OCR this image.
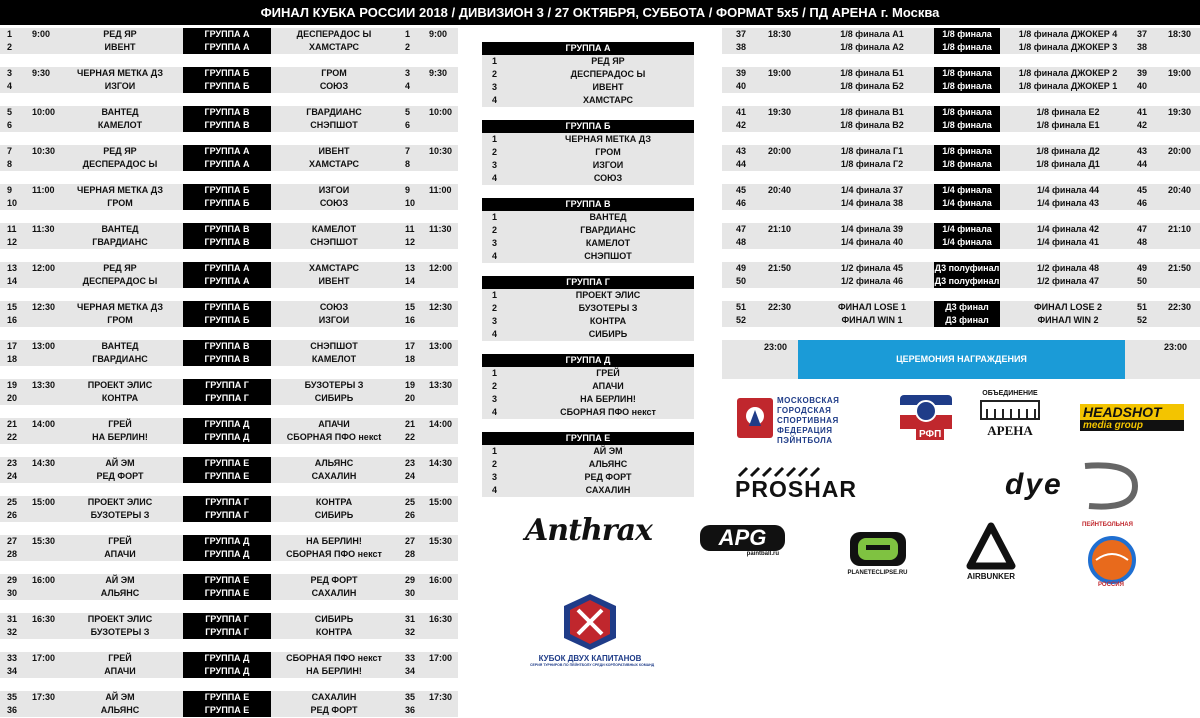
ФИНАЛ КУБКА РОССИИ 2018 / ДИВИЗИОН 3 / 27 ОКТЯБРЯ, СУББОТА / ФОРМАТ 5х5 / ПД АРЕНА г. Москва
1 9:00	РЕД ЯР	ГРУППА А	ДЕСПЕРАДОС Ы	1 9:00
2	ИВЕНТ	ГРУППА А	ХАМСТАРС	2
3 9:30	ЧЕРНАЯ МЕТКА ДЗ	ГРУППА Б	ГРОМ	3 9:30
4	ИЗГОИ	ГРУППА Б	СОЮЗ	4
5 10:00	ВАНТЕД	ГРУППА В	ГВАРДИАНС	5 10:00
6	КАМЕЛОТ	ГРУППА В	СНЭПШОТ	6
7 10:30	РЕД ЯР	ГРУППА А	ИВЕНТ	7 10:30
8	ДЕСПЕРАДОС Ы	ГРУППА А	ХАМСТАРС	8
9 11:00	ЧЕРНАЯ МЕТКА ДЗ	ГРУППА Б	ИЗГОИ	9 11:00
10	ГРОМ	ГРУППА Б	СОЮЗ	10
11 11:30	ВАНТЕД	ГРУППА В	КАМЕЛОТ	11 11:30
12	ГВАРДИАНС	ГРУППА В	СНЭПШОТ	12
13 12:00	РЕД ЯР	ГРУППА А	ХАМСТАРС	13 12:00
14	ДЕСПЕРАДОС Ы	ГРУППА А	ИВЕНТ	14
15 12:30	ЧЕРНАЯ МЕТКА ДЗ	ГРУППА Б	СОЮЗ	15 12:30
16	ГРОМ	ГРУППА Б	ИЗГОИ	16
17 13:00	ВАНТЕД	ГРУППА В	СНЭПШОТ	17 13:00
18	ГВАРДИАНС	ГРУППА В	КАМЕЛОТ	18
19 13:30	ПРОЕКТ ЭЛИС	ГРУППА Г	БУЗОТЕРЫ З	19 13:30
20	КОНТРА	ГРУППА Г	СИБИРЬ	20
21 14:00	ГРЕЙ	ГРУППА Д	АПАЧИ	21 14:00
22	НА БЕРЛИН!	ГРУППА Д	СБОРНАЯ ПФО нексt	22
23 14:30	АЙ ЭМ	ГРУППА Е	АЛЬЯНС	23 14:30
24	РЕД ФОРТ	ГРУППА Е	САХАЛИН	24
25 15:00	ПРОЕКТ ЭЛИС	ГРУППА Г	КОНТРА	25 15:00
26	БУЗОТЕРЫ З	ГРУППА Г	СИБИРЬ	26
27 15:30	ГРЕЙ	ГРУППА Д	НА БЕРЛИН!	27 15:30
28	АПАЧИ	ГРУППА Д	СБОРНАЯ ПФО некст	28
29 16:00	АЙ ЭМ	ГРУППА Е	РЕД ФОРТ	29 16:00
30	АЛЬЯНС	ГРУППА Е	САХАЛИН	30
31 16:30	ПРОЕКТ ЭЛИС	ГРУППА Г	СИБИРЬ	31 16:30
32	БУЗОТЕРЫ З	ГРУППА Г	КОНТРА	32
33 17:00	ГРЕЙ	ГРУППА Д	СБОРНАЯ ПФО некст	33 17:00
34	АПАЧИ	ГРУППА Д	НА БЕРЛИН!	34
35 17:30	АЙ ЭМ	ГРУППА Е	САХАЛИН	35 17:30
36	АЛЬЯНС	ГРУППА Е	РЕД ФОРТ	36
ГРУППА А
1	РЕД ЯР
2	ДЕСПЕРАДОС Ы
3	ИВЕНТ
4	ХАМСТАРС
ГРУППА Б
1	ЧЕРНАЯ МЕТКА ДЗ
2	ГРОМ
3	ИЗГОИ
4	СОЮЗ
ГРУППА В
1	ВАНТЕД
2	ГВАРДИАНС
3	КАМЕЛОТ
4	СНЭПШОТ
ГРУППА Г
1	ПРОЕКТ ЭЛИС
2	БУЗОТЕРЫ З
3	КОНТРА
4	СИБИРЬ
ГРУППА Д
1	ГРЕЙ
2	АПАЧИ
3	НА БЕРЛИН!
4	СБОРНАЯ ПФО некст
ГРУППА Е
1	АЙ ЭМ
2	АЛЬЯНС
3	РЕД ФОРТ
4	САХАЛИН
37 18:30	1/8 финала А1	1/8 финала	1/8 финала ДЖОКЕР 4	37 18:30
38	1/8 финала А2	1/8 финала	1/8 финала ДЖОКЕР 3	38
39 19:00	1/8 финала Б1	1/8 финала	1/8 финала ДЖОКЕР 2	39 19:00
40	1/8 финала Б2	1/8 финала	1/8 финала ДЖОКЕР 1	40
41 19:30	1/8 финала В1	1/8 финала	1/8 финала Е2	41 19:30
42	1/8 финала В2	1/8 финала	1/8 финала Е1	42
43 20:00	1/8 финала Г1	1/8 финала	1/8 финала Д2	43 20:00
44	1/8 финала Г2	1/8 финала	1/8 финала Д1	44
45 20:40	1/4 финала 37	1/4 финала	1/4 финала 44	45 20:40
46	1/4 финала 38	1/4 финала	1/4 финала 43	46
47 21:10	1/4 финала 39	1/4 финала	1/4 финала 42	47 21:10
48	1/4 финала 40	1/4 финала	1/4 финала 41	48
49 21:50	1/2 финала 45	Д3 полуфинал	1/2 финала 48	49 21:50
50	1/2 финала 46	Д3 полуфинал	1/2 финала 47	50
51 22:30	ФИНАЛ LOSE 1	Д3 финал	ФИНАЛ LOSE 2	51 22:30
52	ФИНАЛ WIN 1	Д3 финал	ФИНАЛ WIN 2	52
23:00	23:00
ЦЕРЕМОНИЯ НАГРАЖДЕНИЯ
МОСКОВСКАЯ ГОРОДСКАЯ СПОРТИВНАЯ ФЕДЕРАЦИЯ ПЭЙНТБОЛА
РФП
ОБЪЕДИНЕНИЕ
АРЕНА
HEADSHOT
media group
PROSHAR	dye
Anthrax	APG
paintball.ru
PLANETECLIPSE.RU	AIRBUNKER
ПЕЙНТБОЛЬНАЯ
РОССИЯ
КУБОК ДВУХ КАПИТАНОВ
СЕРИЯ ТУРНИРОВ ПО ПЕЙНТБОЛУ СРЕДИ КОРПОРАТИВНЫХ КОМАНД
